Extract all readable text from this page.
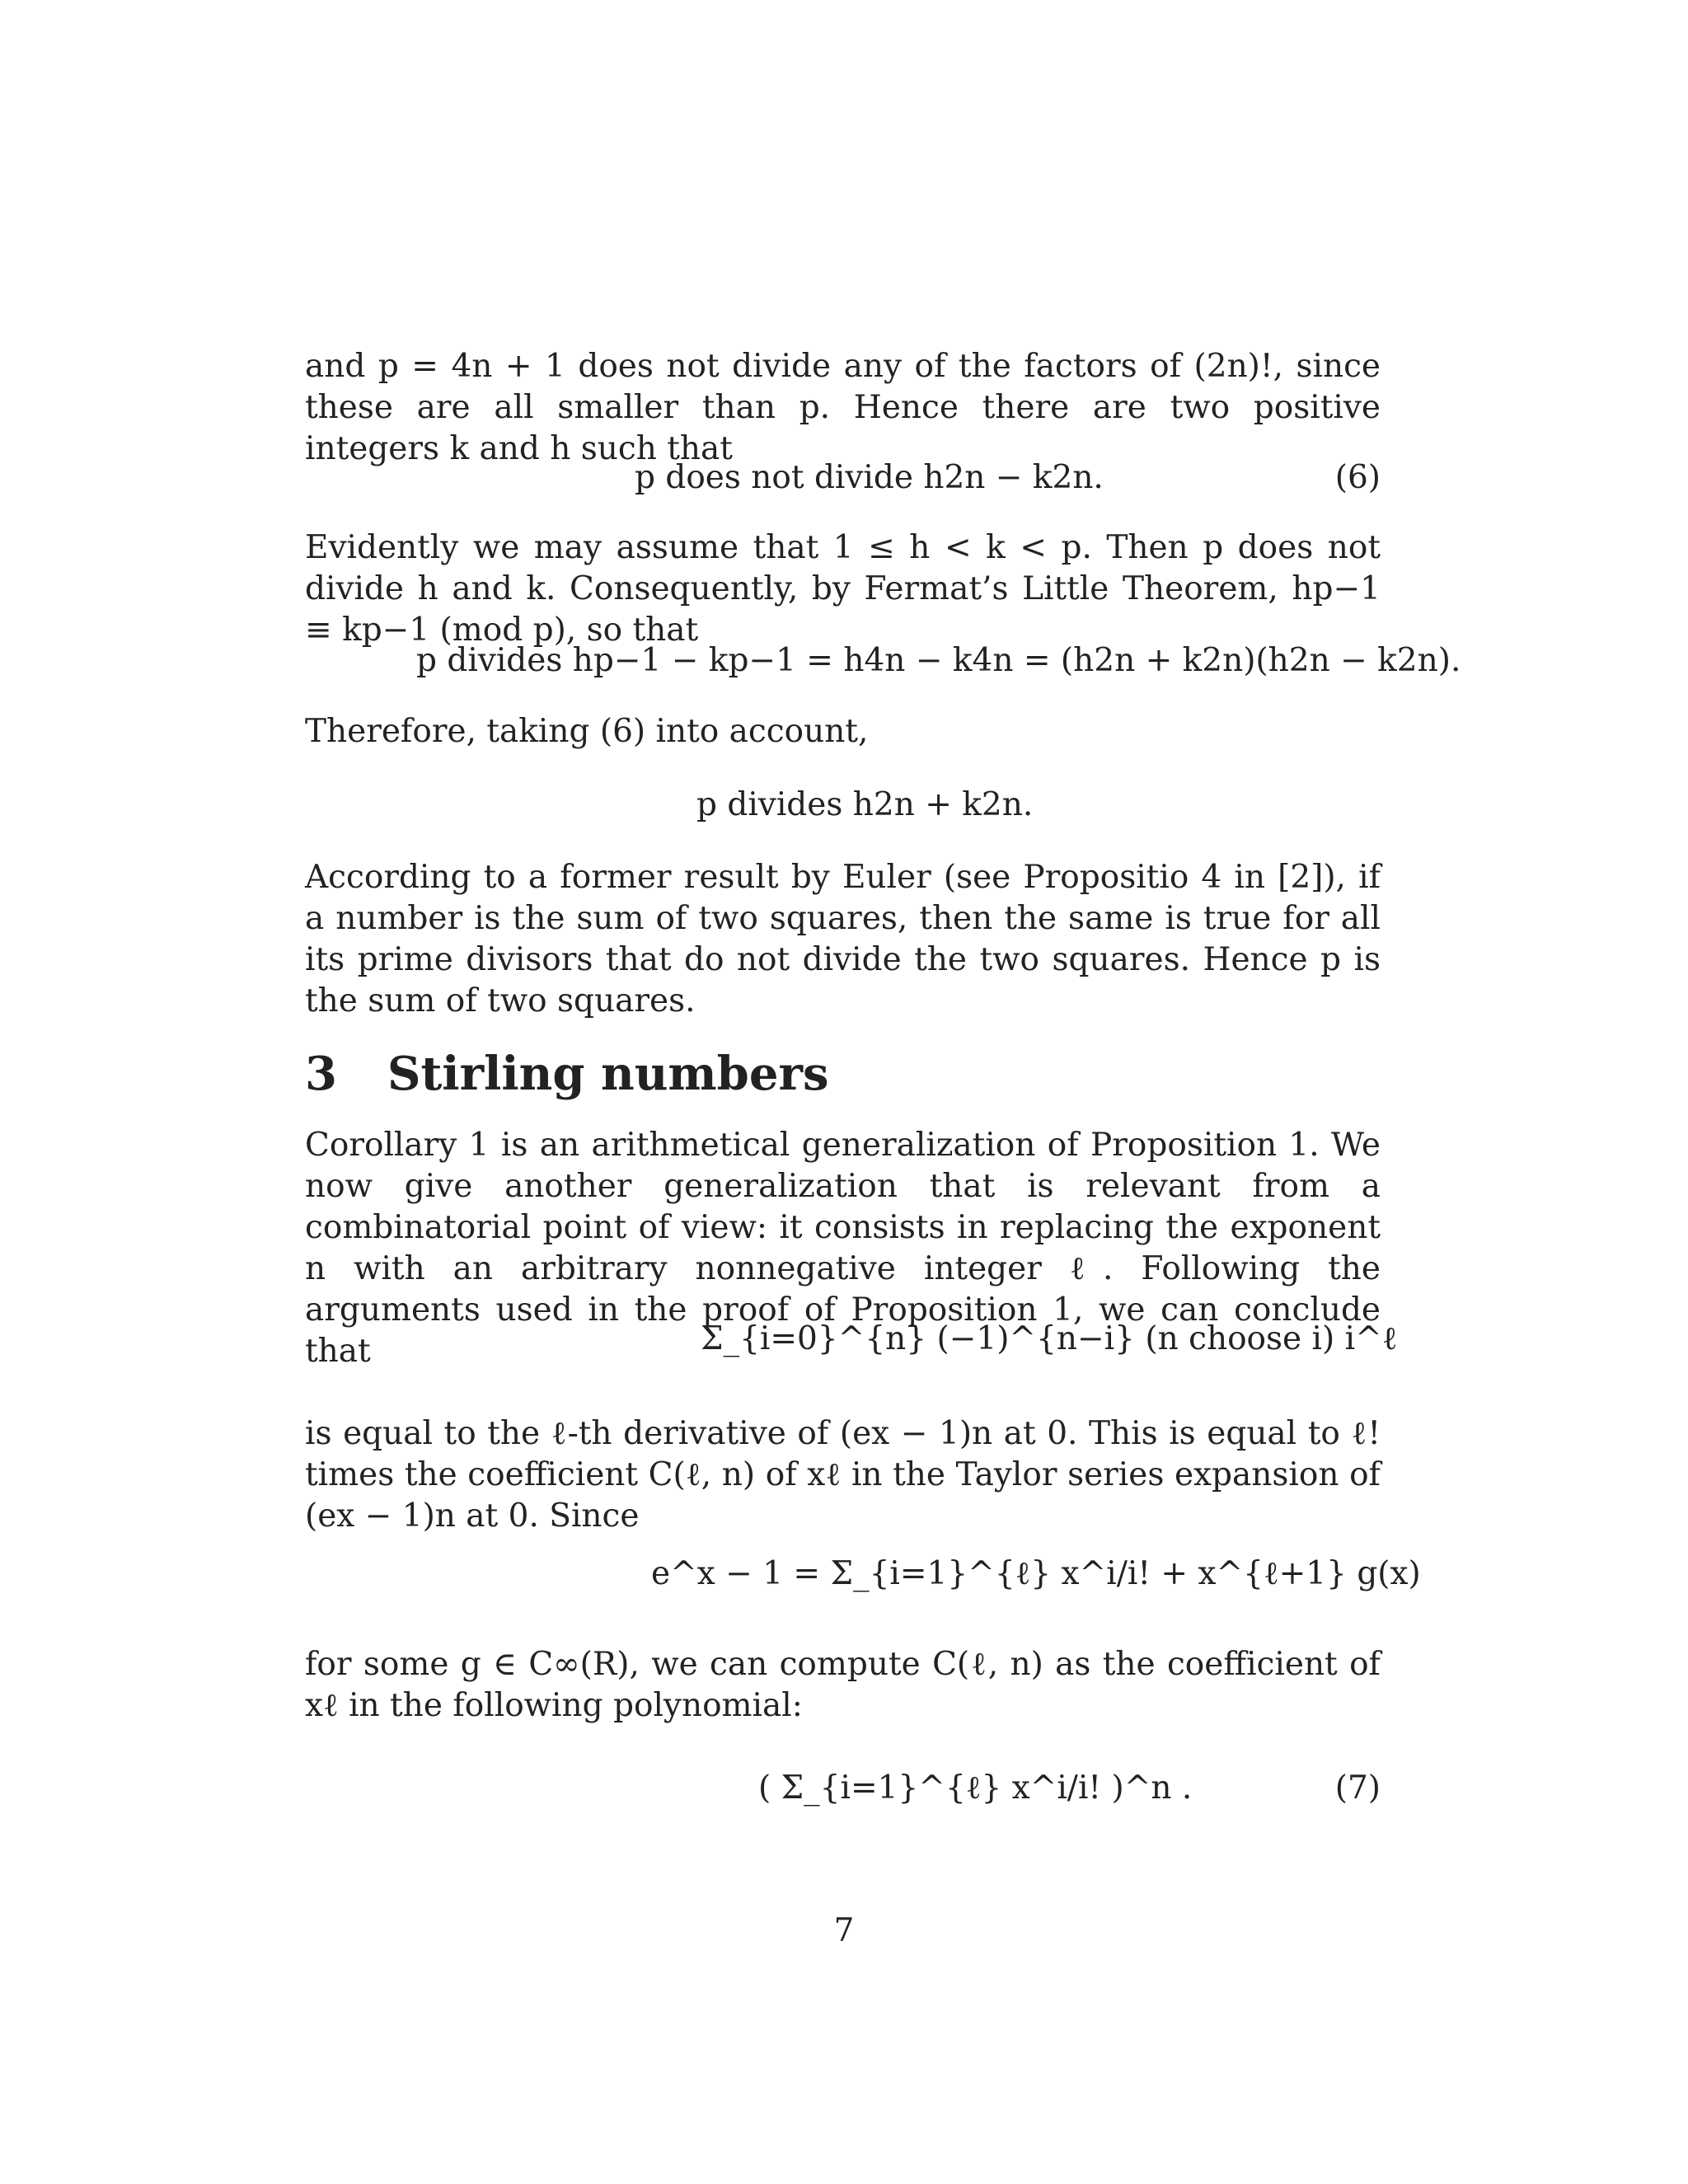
and p = 4n + 1 does not divide any of the factors of (2n)!, since these are all smaller than p. Hence there are two positive integers k and h such that
p does not divide h2n − k2n.	(6)
Evidently we may assume that 1 ≤ h < k < p. Then p does not divide h and k. Consequently, by Fermat’s Little Theorem, hp−1 ≡ kp−1 (mod p), so that
p divides hp−1 − kp−1 = h4n − k4n = (h2n + k2n)(h2n − k2n).
Therefore, taking (6) into account,
p divides h2n + k2n.
According to a former result by Euler (see Propositio 4 in [2]), if a number is the sum of two squares, then the same is true for all its prime divisors that do not divide the two squares. Hence p is the sum of two squares.
3 Stirling numbers
Corollary 1 is an arithmetical generalization of Proposition 1. We now give another generalization that is relevant from a combinatorial point of view: it consists in replacing the exponent n with an arbitrary nonnegative integer ℓ. Following the arguments used in the proof of Proposition 1, we can conclude that	Σ_{i=0}^{n} (−1)^{n−i} (n choose i) i^ℓ
is equal to the ℓ-th derivative of (ex − 1)n at 0. This is equal to ℓ! times the coefficient C(ℓ, n) of xℓ in the Taylor series expansion of (ex − 1)n at 0. Since
e^x − 1 = Σ_{i=1}^{ℓ} x^i/i! + x^{ℓ+1} g(x)
for some g ∈ C∞(R), we can compute C(ℓ, n) as the coefficient of xℓ in the following polynomial:
( Σ_{i=1}^{ℓ} x^i/i! )^n .	(7)
7
